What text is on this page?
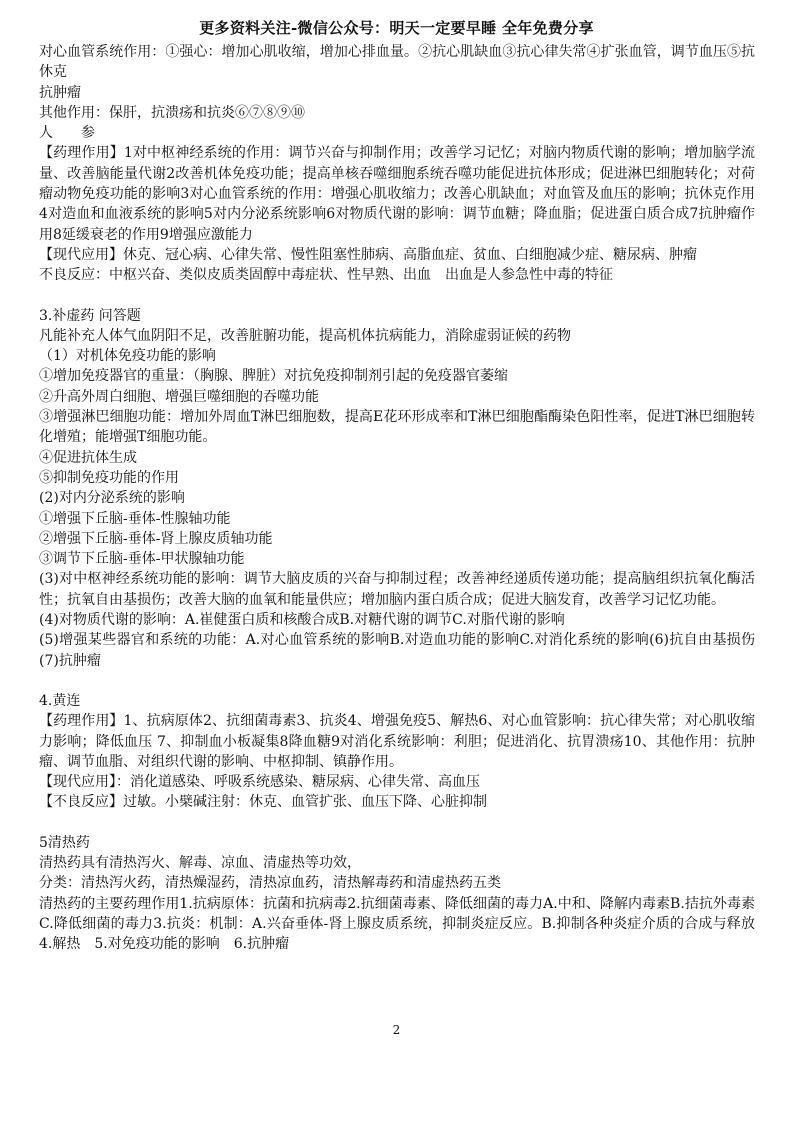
更多资料关注-微信公众号：明天一定要早睡 全年免费分享

对心血管系统作用：①强心：增加心肌收缩，增加心排血量。②抗心肌缺血③抗心律失常④扩张血管，调节血压⑤抗休克

抗肿瘤

其他作用：保肝，抗溃疡和抗炎⑥⑦⑧⑨⑩

人　　参

【药理作用】1对中枢神经系统的作用：调节兴奋与抑制作用；改善学习记忆；对脑内物质代谢的影响；增加脑学流量、改善脑能量代谢2改善机体免疫功能；提高单核吞噬细胞系统吞噬功能促进抗体形成；促进淋巴细胞转化；对荷瘤动物免疫功能的影响3对心血管系统的作用：增强心肌收缩力；改善心肌缺血；对血管及血压的影响；抗休克作用4对造血和血液系统的影响5对内分泌系统影响6对物质代谢的影响：调节血糖；降血脂；促进蛋白质合成7抗肿瘤作用8延缓衰老的作用9增强应激能力

【现代应用】休克、冠心病、心律失常、慢性阻塞性肺病、高脂血症、贫血、白细胞减少症、糖尿病、肿瘤

不良反应：中枢兴奋、类似皮质类固醇中毒症状、性早熟、出血　出血是人参急性中毒的特征

3.补虚药 问答题

凡能补充人体气血阴阳不足，改善脏腑功能，提高机体抗病能力，消除虚弱证候的药物

（1）对机体免疫功能的影响

①增加免疫器官的重量：（胸腺、脾脏）对抗免疫抑制剂引起的免疫器官萎缩

②升高外周白细胞、增强巨噬细胞的吞噬功能

③增强淋巴细胞功能：增加外周血T淋巴细胞数，提高E花环形成率和T淋巴细胞酯酶染色阳性率，促进T淋巴细胞转化增殖；能增强T细胞功能。

④促进抗体生成

⑤抑制免疫功能的作用

(2)对内分泌系统的影响

①增强下丘脑-垂体-性腺轴功能

②增强下丘脑-垂体-肾上腺皮质轴功能

③调节下丘脑-垂体-甲状腺轴功能

(3)对中枢神经系统功能的影响：调节大脑皮质的兴奋与抑制过程；改善神经递质传递功能；提高脑组织抗氧化酶活性；抗氧自由基损伤；改善大脑的血氧和能量供应；增加脑内蛋白质合成；促进大脑发育，改善学习记忆功能。

(4)对物质代谢的影响：A.崔健蛋白质和核酸合成B.对糖代谢的调节C.对脂代谢的影响

(5)增强某些器官和系统的功能：A.对心血管系统的影响B.对造血功能的影响C.对消化系统的影响(6)抗自由基损伤(7)抗肿瘤

4.黄连

【药理作用】1、抗病原体2、抗细菌毒素3、抗炎4、增强免疫5、解热6、对心血管影响：抗心律失常；对心肌收缩力影响；降低血压 7、抑制血小板凝集8降血糖9对消化系统影响：利胆；促进消化、抗胃溃疡10、其他作用：抗肿瘤、调节血脂、对组织代谢的影响、中枢抑制、镇静作用。

【现代应用】：消化道感染、呼吸系统感染、糖尿病、心律失常、高血压

【不良反应】过敏。小檗碱注射：休克、血管扩张、血压下降、心脏抑制

5清热药

清热药具有清热泻火、解毒、凉血、清虚热等功效，

分类：清热泻火药，清热燥湿药，清热凉血药，清热解毒药和清虚热药五类

清热药的主要药理作用1.抗病原体：抗菌和抗病毒2.抗细菌毒素、降低细菌的毒力A.中和、降解内毒素B.拮抗外毒素C.降低细菌的毒力3.抗炎：机制：A.兴奋垂体-肾上腺皮质系统，抑制炎症反应。B.抑制各种炎症介质的合成与释放　4.解热　5.对免疫功能的影响　6.抗肿瘤

2
